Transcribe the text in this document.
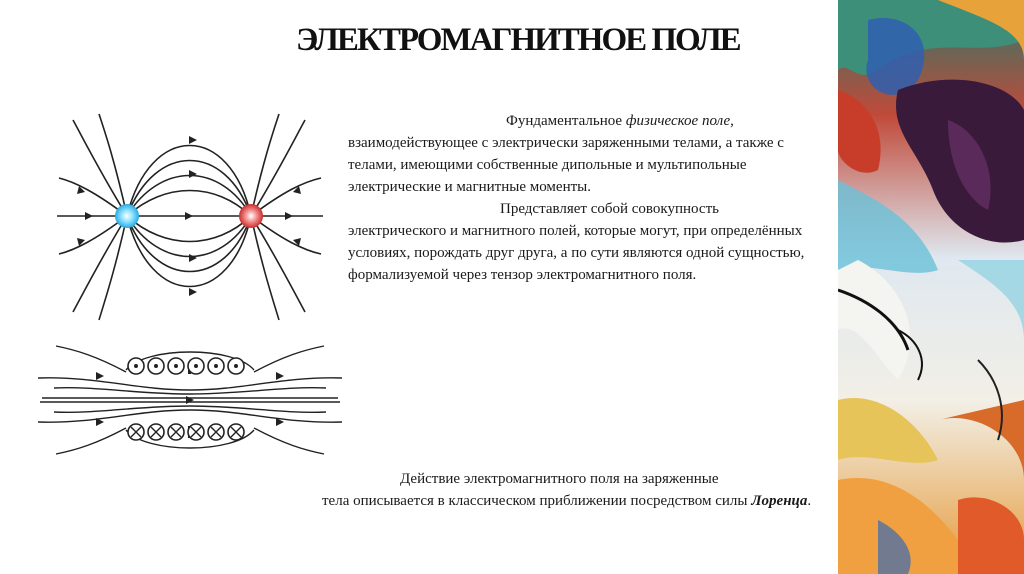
ЭЛЕКТРОМАГНИТНОЕ ПОЛЕ

Фундаментальное физическое поле,
взаимодействующее с электрически заряженными телами, а также с телами, имеющими собственные дипольные и мультипольные электрические и магнитные моменты.

Представляет собой совокупность
электрического и магнитного полей, которые могут, при определённых условиях, порождать друг друга, а по сути являются одной сущностью, формализуемой через тензор электромагнитного поля.

Действие электромагнитного поля на заряженные
тела описывается в классическом приближении посредством силы Лоренца.
